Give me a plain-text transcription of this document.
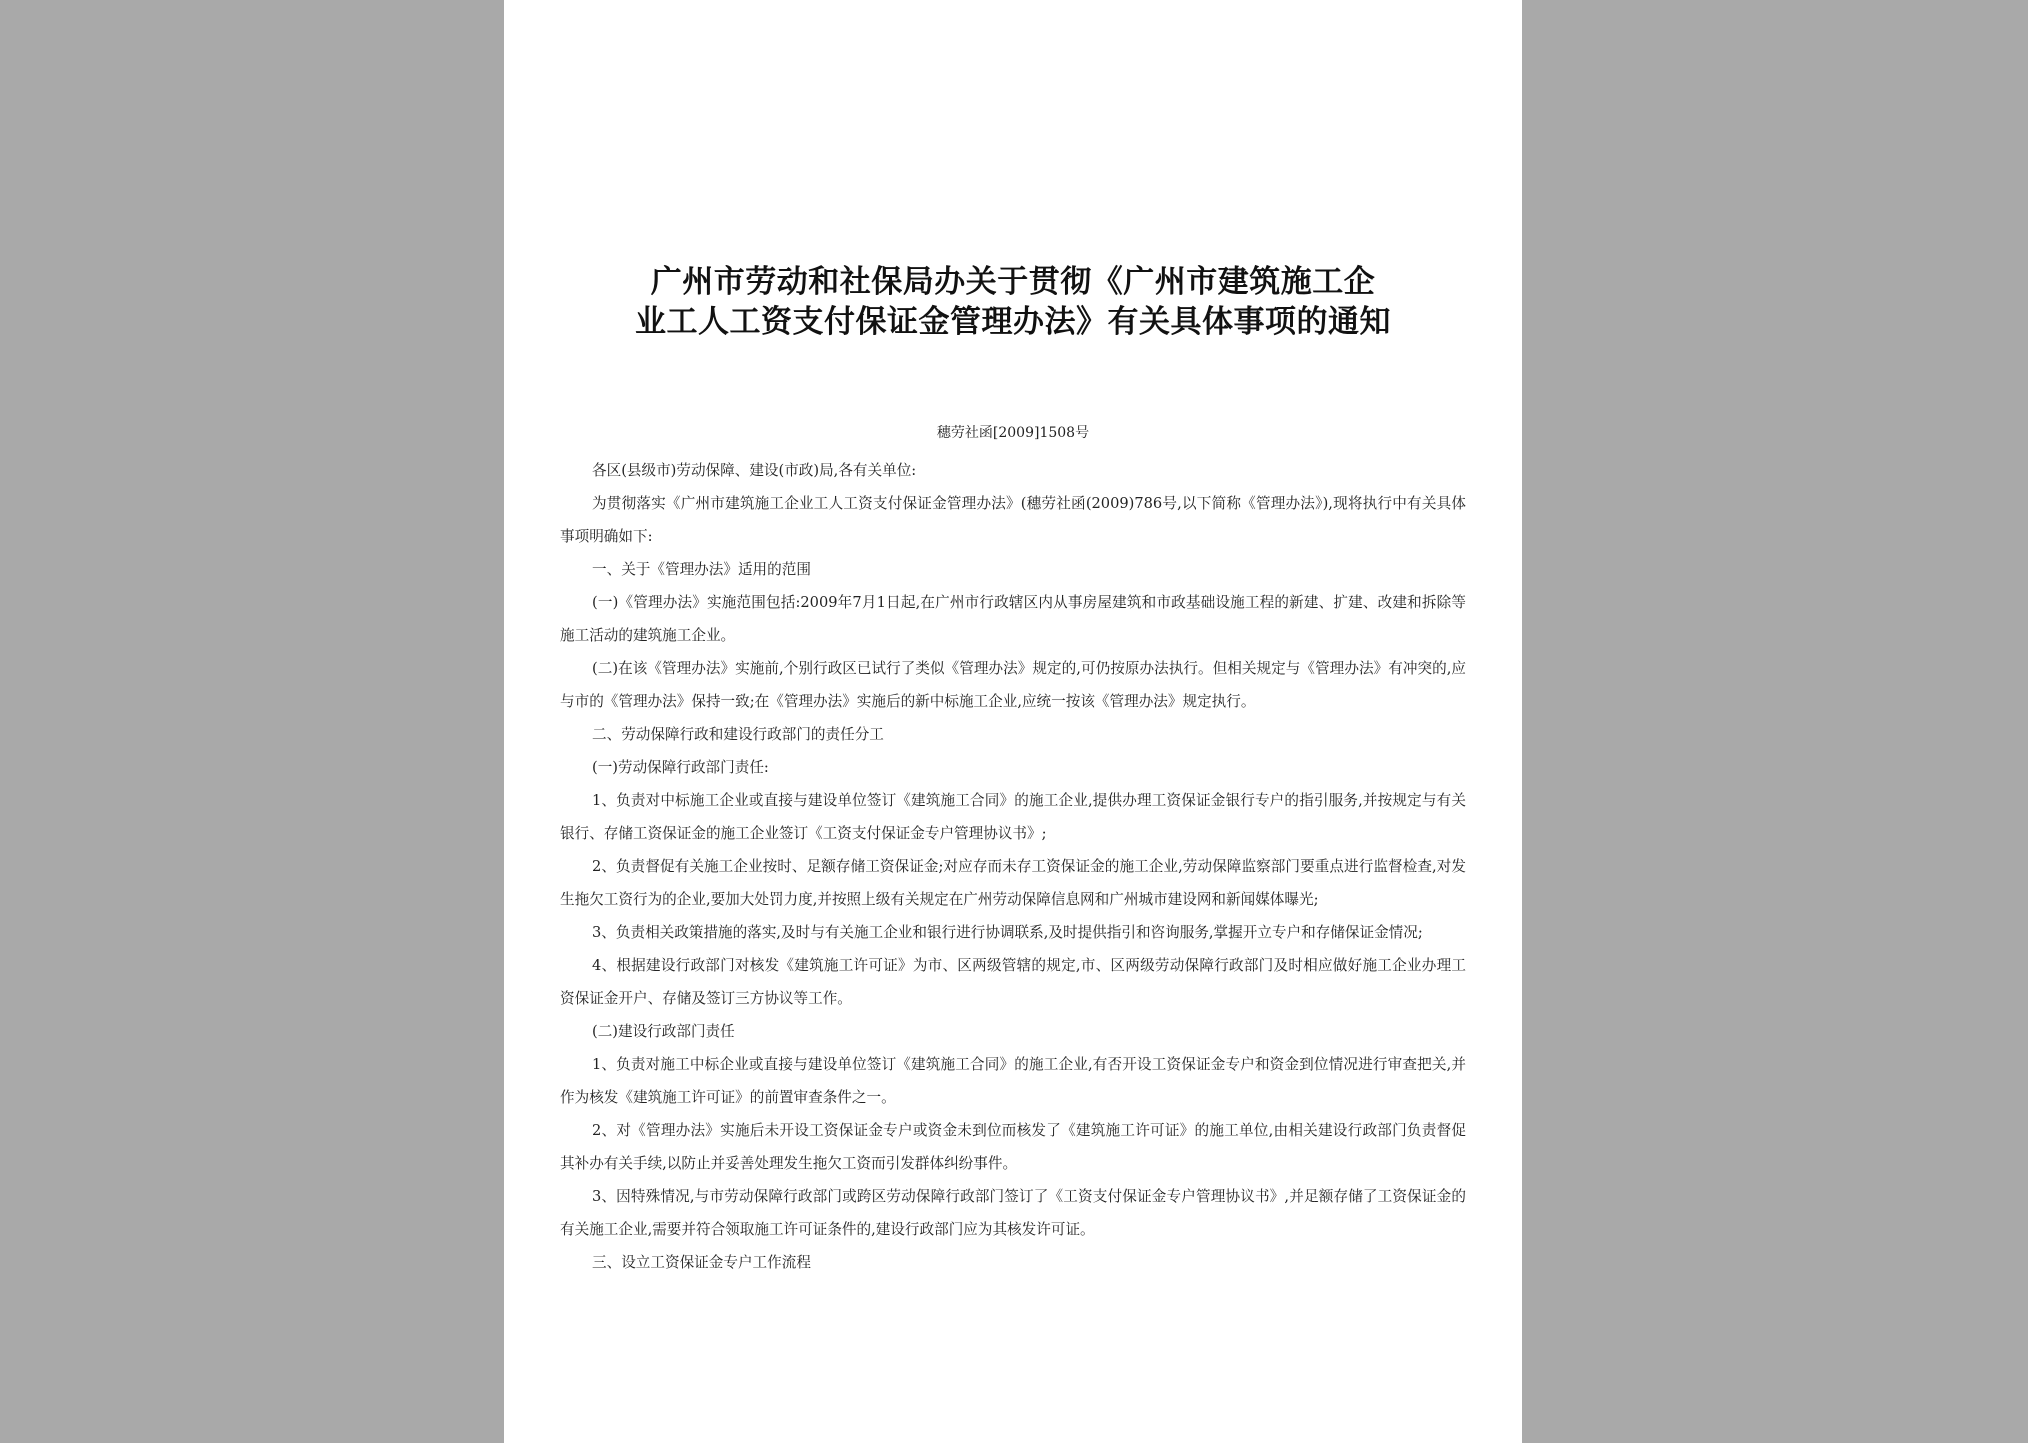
广州市劳动和社保局办关于贯彻《广州市建筑施工企
业工人工资支付保证金管理办法》有关具体事项的通知
穗劳社函[2009]1508号

各区(县级市)劳动保障、建设(市政)局,各有关单位:

为贯彻落实《广州市建筑施工企业工人工资支付保证金管理办法》(穗劳社函(2009)786号,以下简称《管理办法》),现将执行中有关具体事项明确如下:

一、关于《管理办法》适用的范围

(一)《管理办法》实施范围包括:2009年7月1日起,在广州市行政辖区内从事房屋建筑和市政基础设施工程的新建、扩建、改建和拆除等施工活动的建筑施工企业。

(二)在该《管理办法》实施前,个别行政区已试行了类似《管理办法》规定的,可仍按原办法执行。但相关规定与《管理办法》有冲突的,应与市的《管理办法》保持一致;在《管理办法》实施后的新中标施工企业,应统一按该《管理办法》规定执行。

二、劳动保障行政和建设行政部门的责任分工

(一)劳动保障行政部门责任:

1、负责对中标施工企业或直接与建设单位签订《建筑施工合同》的施工企业,提供办理工资保证金银行专户的指引服务,并按规定与有关银行、存储工资保证金的施工企业签订《工资支付保证金专户管理协议书》;

2、负责督促有关施工企业按时、足额存储工资保证金;对应存而未存工资保证金的施工企业,劳动保障监察部门要重点进行监督检查,对发生拖欠工资行为的企业,要加大处罚力度,并按照上级有关规定在广州劳动保障信息网和广州城市建设网和新闻媒体曝光;

3、负责相关政策措施的落实,及时与有关施工企业和银行进行协调联系,及时提供指引和咨询服务,掌握开立专户和存储保证金情况;

4、根据建设行政部门对核发《建筑施工许可证》为市、区两级管辖的规定,市、区两级劳动保障行政部门及时相应做好施工企业办理工资保证金开户、存储及签订三方协议等工作。

(二)建设行政部门责任

1、负责对施工中标企业或直接与建设单位签订《建筑施工合同》的施工企业,有否开设工资保证金专户和资金到位情况进行审查把关,并作为核发《建筑施工许可证》的前置审查条件之一。

2、对《管理办法》实施后未开设工资保证金专户或资金未到位而核发了《建筑施工许可证》的施工单位,由相关建设行政部门负责督促其补办有关手续,以防止并妥善处理发生拖欠工资而引发群体纠纷事件。

3、因特殊情况,与市劳动保障行政部门或跨区劳动保障行政部门签订了《工资支付保证金专户管理协议书》,并足额存储了工资保证金的有关施工企业,需要并符合领取施工许可证条件的,建设行政部门应为其核发许可证。

三、设立工资保证金专户工作流程
